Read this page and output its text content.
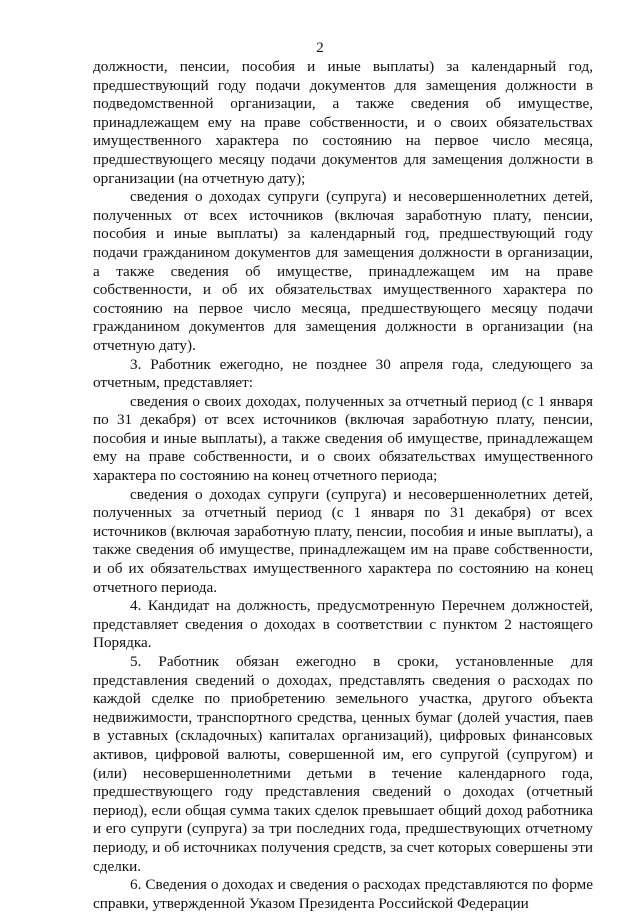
2

должности, пенсии, пособия и иные выплаты) за календарный год, предшествующий году подачи документов для замещения должности в подведомственной организации, а также сведения об имуществе, принадлежащем ему на праве собственности, и о своих обязательствах имущественного характера по состоянию на первое число месяца, предшествующего месяцу подачи документов для замещения должности в организации (на отчетную дату);

сведения о доходах супруги (супруга) и несовершеннолетних детей, полученных от всех источников (включая заработную плату, пенсии, пособия и иные выплаты) за календарный год, предшествующий году подачи гражданином документов для замещения должности в организации, а также сведения об имуществе, принадлежащем им на праве собственности, и об их обязательствах имущественного характера по состоянию на первое число месяца, предшествующего месяцу подачи гражданином документов для замещения должности в организации (на отчетную дату).

3. Работник ежегодно, не позднее 30 апреля года, следующего за отчетным, представляет:

сведения о своих доходах, полученных за отчетный период (с 1 января по 31 декабря) от всех источников (включая заработную плату, пенсии, пособия и иные выплаты), а также сведения об имуществе, принадлежащем ему на праве собственности, и о своих обязательствах имущественного характера по состоянию на конец отчетного периода;

сведения о доходах супруги (супруга) и несовершеннолетних детей, полученных за отчетный период (с 1 января по 31 декабря) от всех источников (включая заработную плату, пенсии, пособия и иные выплаты), а также сведения об имуществе, принадлежащем им на праве собственности, и об их обязательствах имущественного характера по состоянию на конец отчетного периода.

4. Кандидат на должность, предусмотренную Перечнем должностей, представляет сведения о доходах в соответствии с пунктом 2 настоящего Порядка.

5. Работник обязан ежегодно в сроки, установленные для представления сведений о доходах, представлять сведения о расходах по каждой сделке по приобретению земельного участка, другого объекта недвижимости, транспортного средства, ценных бумаг (долей участия, паев в уставных (складочных) капиталах организаций), цифровых финансовых активов, цифровой валюты, совершенной им, его супругой (супругом) и (или) несовершеннолетними детьми в течение календарного года, предшествующего году представления сведений о доходах (отчетный период), если общая сумма таких сделок превышает общий доход работника и его супруги (супруга) за три последних года, предшествующих отчетному периоду, и об источниках получения средств, за счет которых совершены эти сделки.

6. Сведения о доходах и сведения о расходах представляются по форме справки, утвержденной Указом Президента Российской Федерации
